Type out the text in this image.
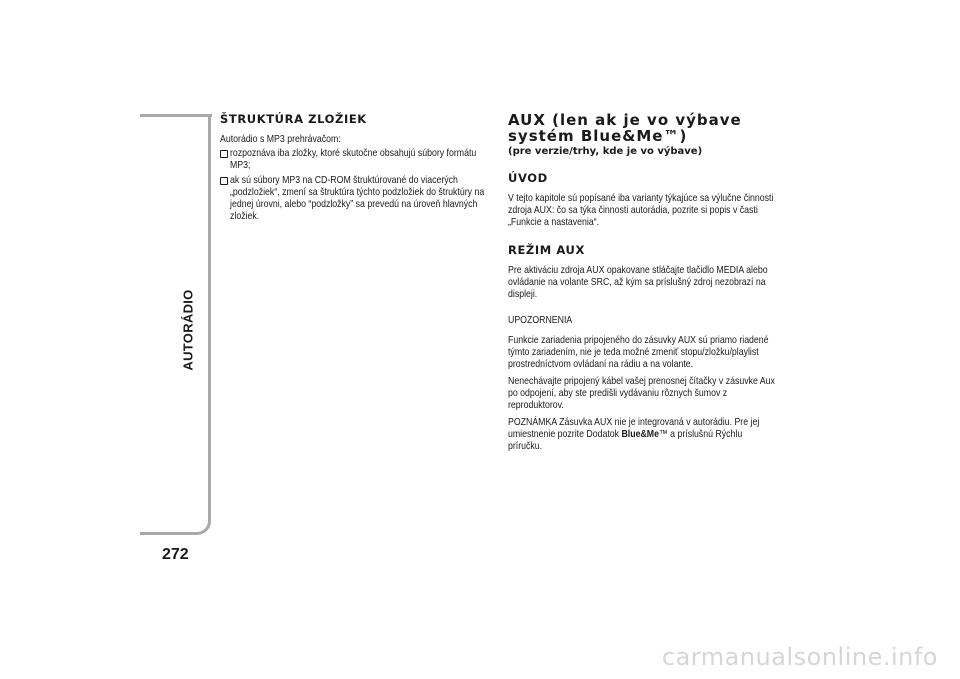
AUTORÁDIO
272
ŠTRUKTÚRA ZLOŽIEK

Autorádio s MP3 prehrávačom:

rozpoznáva iba zložky, ktoré skutočne obsahujú súbory formátu MP3;
ak sú súbory MP3 na CD-ROM štruktúrované do viacerých „podzložiek“, zmení sa štruktúra týchto podzložiek do štruktúry na jednej úrovni, alebo “podzložky” sa prevedú na úroveň hlavných zložiek.
AUX (len ak je vo výbave systém Blue&Me™)
(pre verzie/trhy, kde je vo výbave)
ÚVOD

V tejto kapitole sú popísané iba varianty týkajúce sa výlučne činnosti zdroja AUX: čo sa týka činnosti autorádia, pozrite si popis v časti „Funkcie a nastavenia“.

REŽIM AUX

Pre aktiváciu zdroja AUX opakovane stláčajte tlačidlo MEDIA alebo ovládanie na volante SRC, až kým sa príslušný zdroj nezobrazí na displeji.

UPOZORNENIA

Funkcie zariadenia pripojeného do zásuvky AUX sú priamo riadené týmto zariadením, nie je teda možné zmeniť stopu/zložku/playlist prostredníctvom ovládaní na rádiu a na volante.

Nenechávajte pripojený kábel vašej prenosnej čítačky v zásuvke Aux po odpojení, aby ste predišli vydávaniu rôznych šumov z reproduktorov.

POZNÁMKA Zásuvka AUX nie je integrovaná v autorádiu. Pre jej umiestnenie pozrite Dodatok Blue&Me™ a príslušnú Rýchlu príručku.

carmanualsonline.info
